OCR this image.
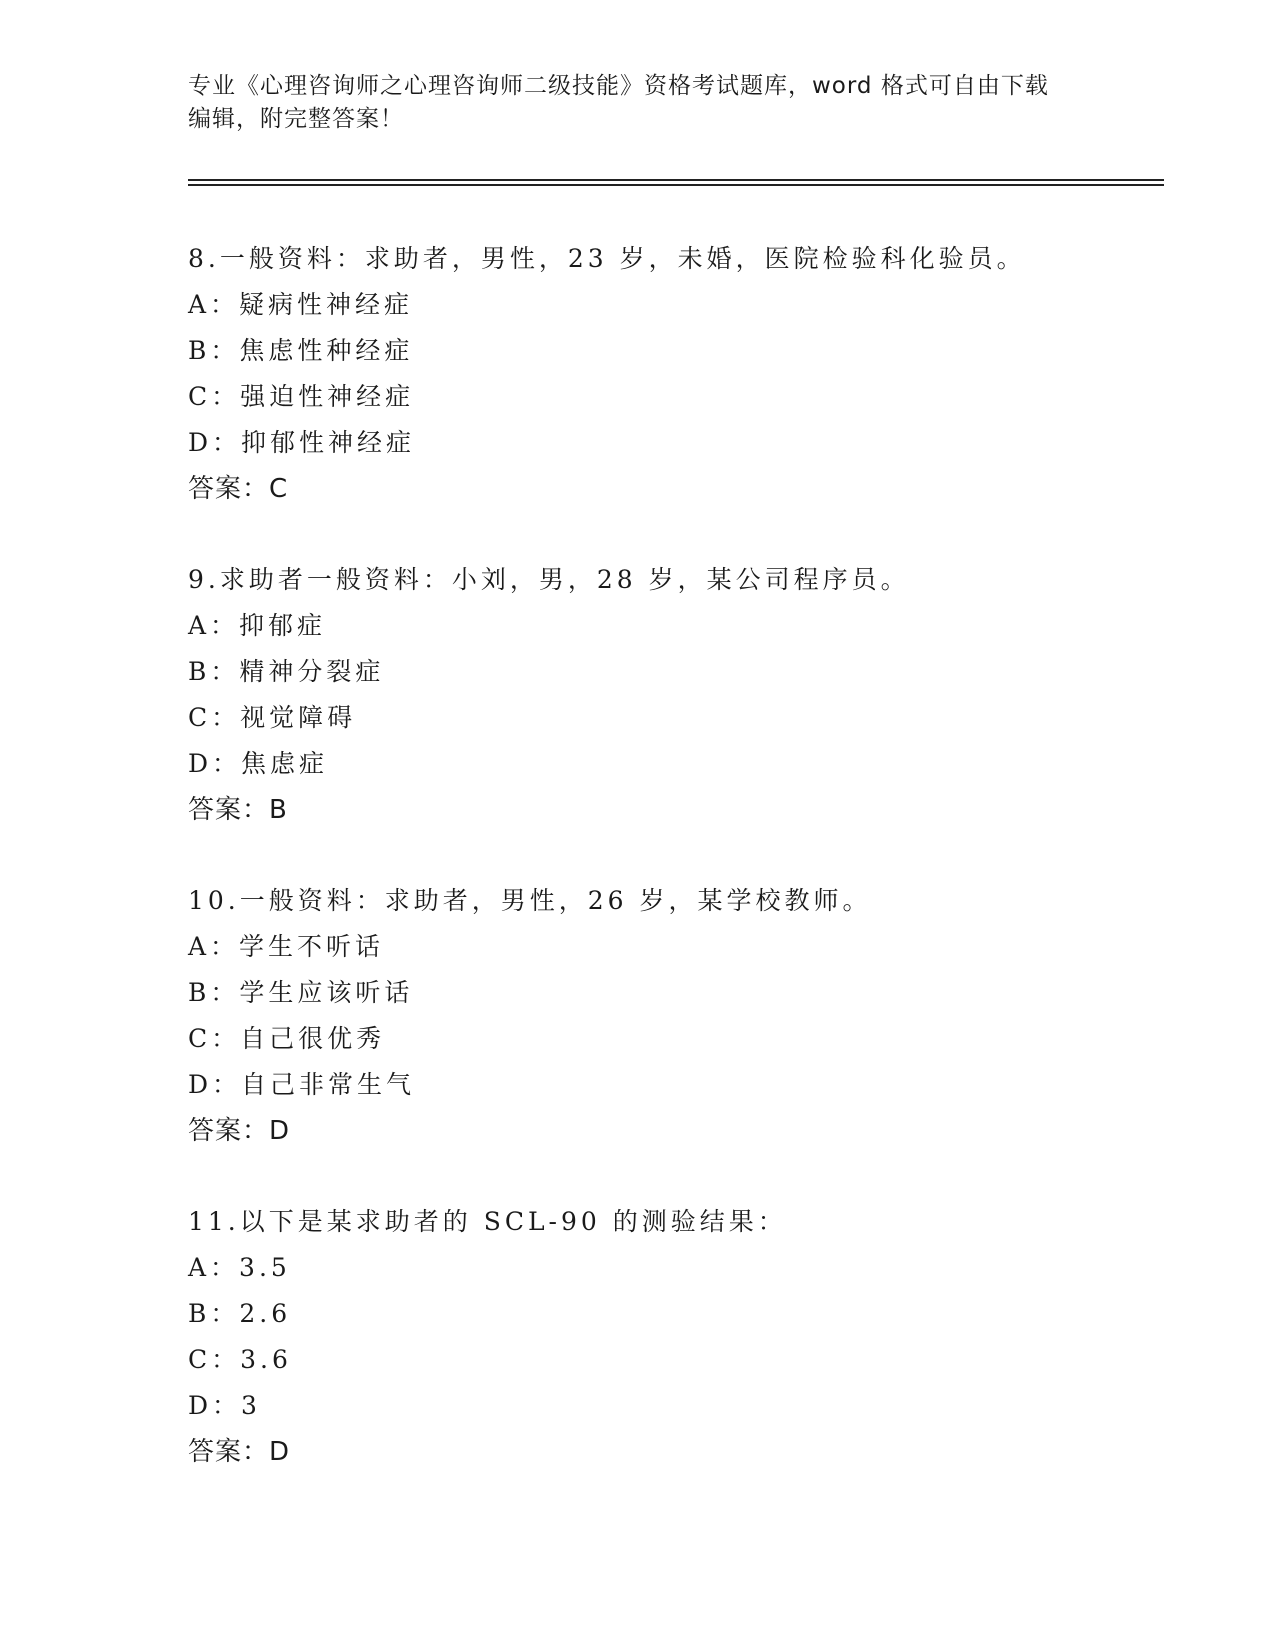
专业《心理咨询师之心理咨询师二级技能》资格考试题库，word 格式可自由下载
编辑，附完整答案！
8.一般资料：求助者，男性，23 岁，未婚，医院检验科化验员。
A：疑病性神经症
B：焦虑性种经症
C：强迫性神经症
D：抑郁性神经症
答案：C
9.求助者一般资料：小刘，男，28 岁，某公司程序员。
A：抑郁症
B：精神分裂症
C：视觉障碍
D：焦虑症
答案：B
10.一般资料：求助者，男性，26 岁，某学校教师。
A：学生不听话
B：学生应该听话
C：自己很优秀
D：自己非常生气
答案：D
11.以下是某求助者的 SCL-90 的测验结果：
A：3.5
B：2.6
C：3.6
D：3
答案：D
